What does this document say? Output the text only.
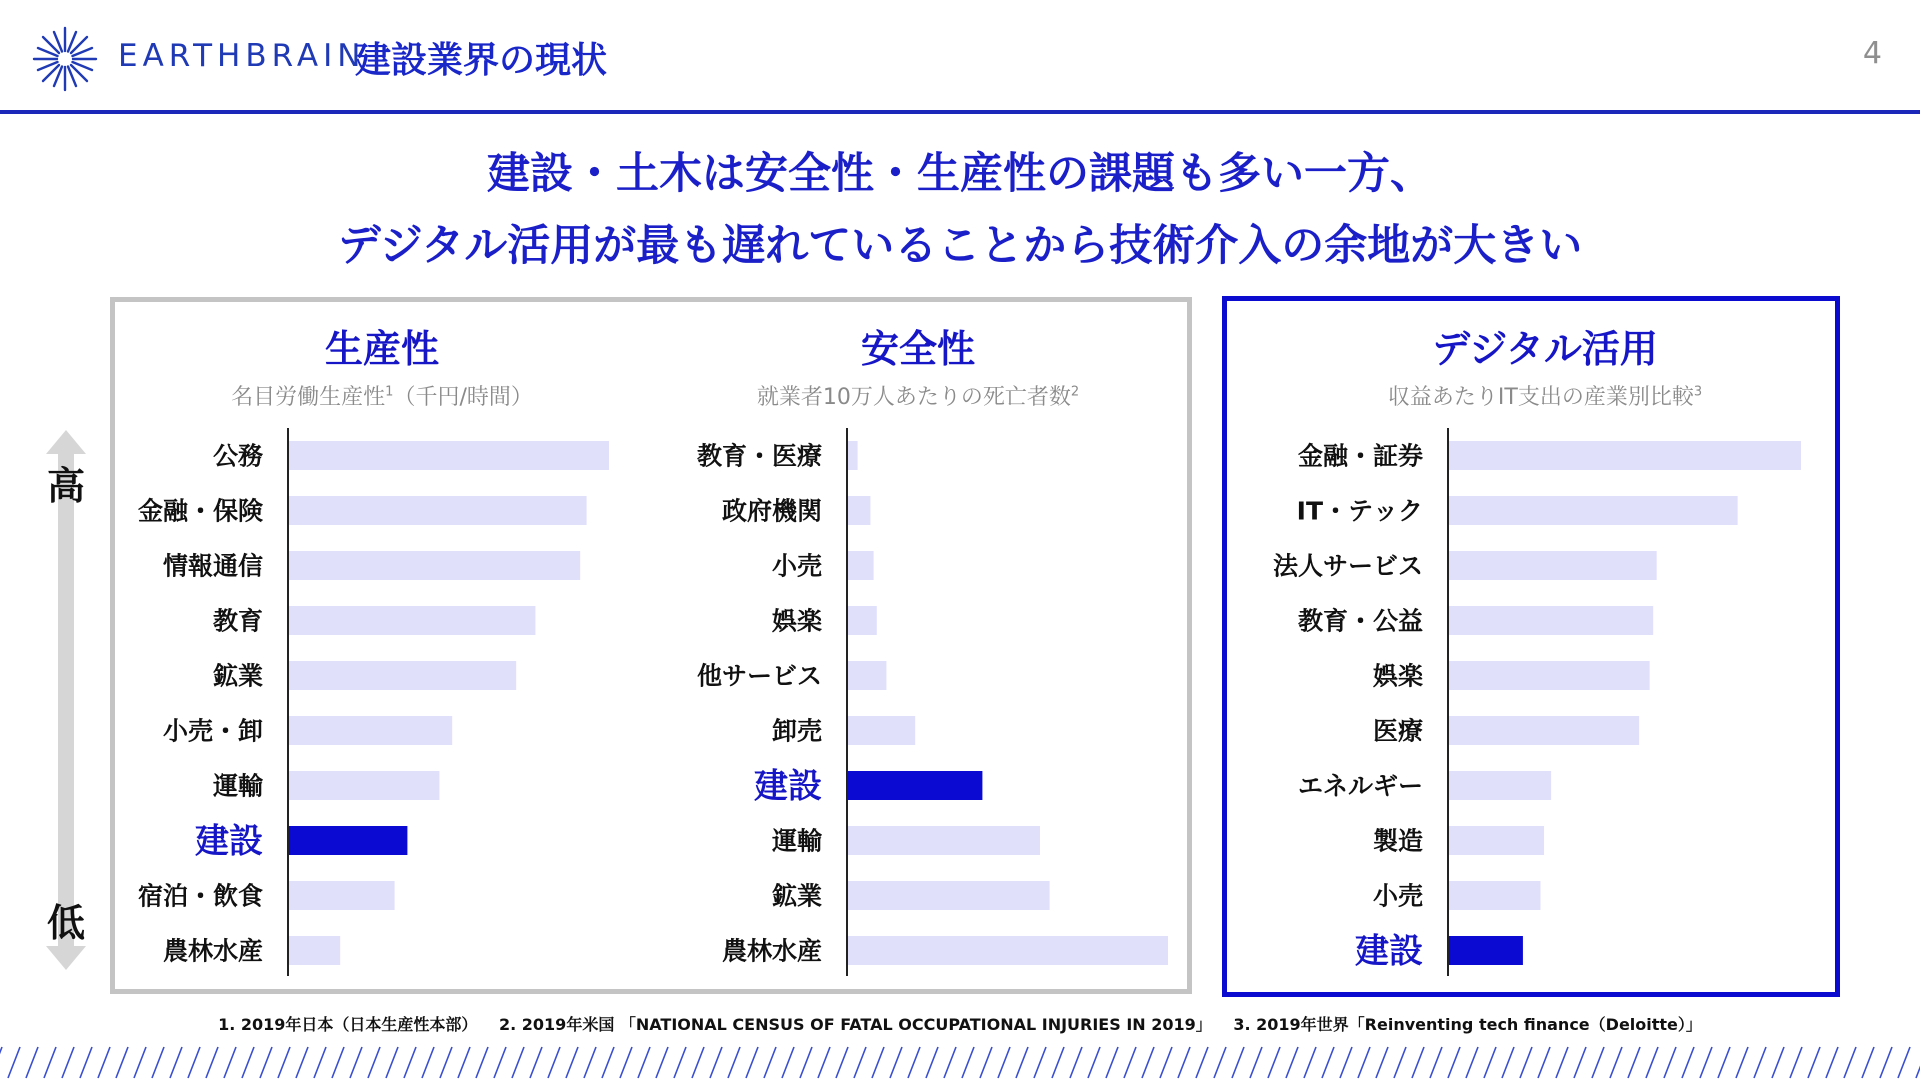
EARTHBRAIN
建設業界の現状	4
建設・土木は安全性・生産性の課題も多い一方、
デジタル活用が最も遅れていることから技術介入の余地が大きい
生産性
名目労働生産性$^1$（千円/時間）
安全性
就業者10万人あたりの死亡者数$^2$
デジタル活用
収益あたりIT支出の産業別比較$^3$
高
低
公務
金融・保険
情報通信
教育
鉱業
小売・卸
運輸
建設
宿泊・飲食
農林水産
教育・医療
政府機関
小売
娯楽
他サービス
卸売
建設
運輸
鉱業
農林水産
金融・証券
IT・テック
法人サービス
教育・公益
娯楽
医療
エネルギー
製造
小売
建設
1. 2019年日本（日本生産性本部） 2. 2019年米国 「NATIONAL CENSUS OF FATAL OCCUPATIONAL INJURIES IN 2019」 3. 2019年世界「Reinventing tech finance（Deloitte）」
